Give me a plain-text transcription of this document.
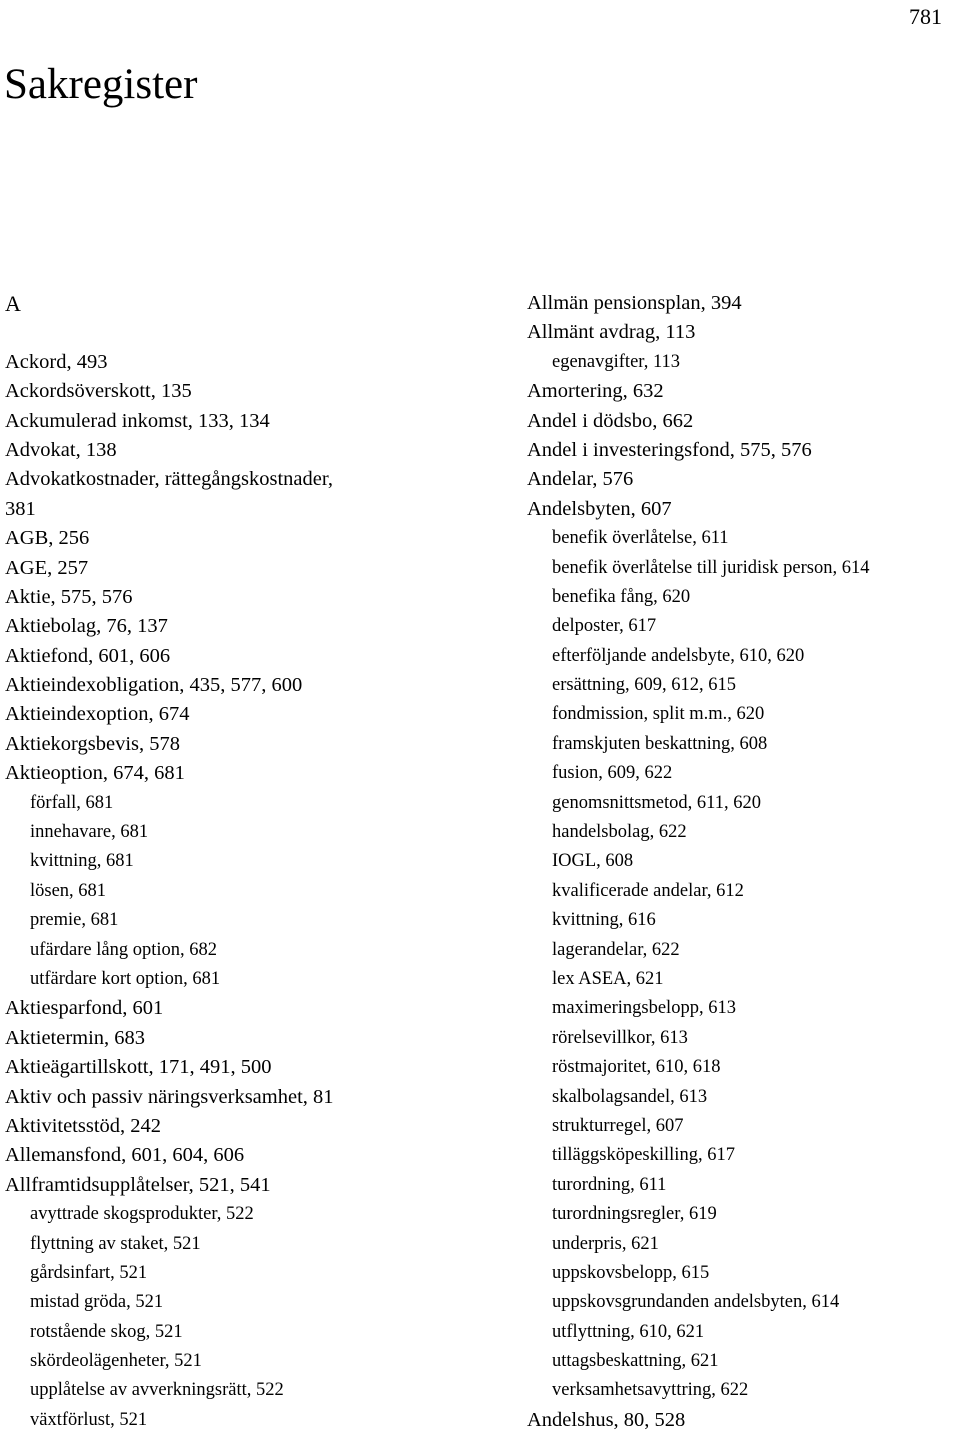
781
Sakregister
A
Ackord, 493
Ackordsöverskott, 135
Ackumulerad inkomst, 133, 134
Advokat, 138
Advokatkostnader, rättegångskostnader,
381
AGB, 256
AGE, 257
Aktie, 575, 576
Aktiebolag, 76, 137
Aktiefond, 601, 606
Aktieindexobligation, 435, 577, 600
Aktieindexoption, 674
Aktiekorgsbevis, 578
Aktieoption, 674, 681
förfall, 681
innehavare, 681
kvittning, 681
lösen, 681
premie, 681
ufärdare lång option, 682
utfärdare kort option, 681
Aktiesparfond, 601
Aktietermin, 683
Aktieägartillskott, 171, 491, 500
Aktiv och passiv näringsverksamhet, 81
Aktivitetsstöd, 242
Allemansfond, 601, 604, 606
Allframtidsupplåtelser, 521, 541
avyttrade skogsprodukter, 522
flyttning av staket, 521
gårdsinfart, 521
mistad gröda, 521
rotstående skog, 521
skördeolägenheter, 521
upplåtelse av avverkningsrätt, 522
växtförlust, 521
Allmän pensionsplan, 394
Allmänt avdrag, 113
egenavgifter, 113
Amortering, 632
Andel i dödsbo, 662
Andel i investeringsfond, 575, 576
Andelar, 576
Andelsbyten, 607
benefik överlåtelse, 611
benefik överlåtelse till juridisk person, 614
benefika fång, 620
delposter, 617
efterföljande andelsbyte, 610, 620
ersättning, 609, 612, 615
fondmission, split m.m., 620
framskjuten beskattning, 608
fusion, 609, 622
genomsnittsmetod, 611, 620
handelsbolag, 622
IOGL, 608
kvalificerade andelar, 612
kvittning, 616
lagerandelar, 622
lex ASEA, 621
maximeringsbelopp, 613
rörelsevillkor, 613
röstmajoritet, 610, 618
skalbolagsandel, 613
strukturregel, 607
tilläggsköpeskilling, 617
turordning, 611
turordningsregler, 619
underpris, 621
uppskovsbelopp, 615
uppskovsgrundanden andelsbyten, 614
utflyttning, 610, 621
uttagsbeskattning, 621
verksamhetsavyttring, 622
Andelshus, 80, 528
